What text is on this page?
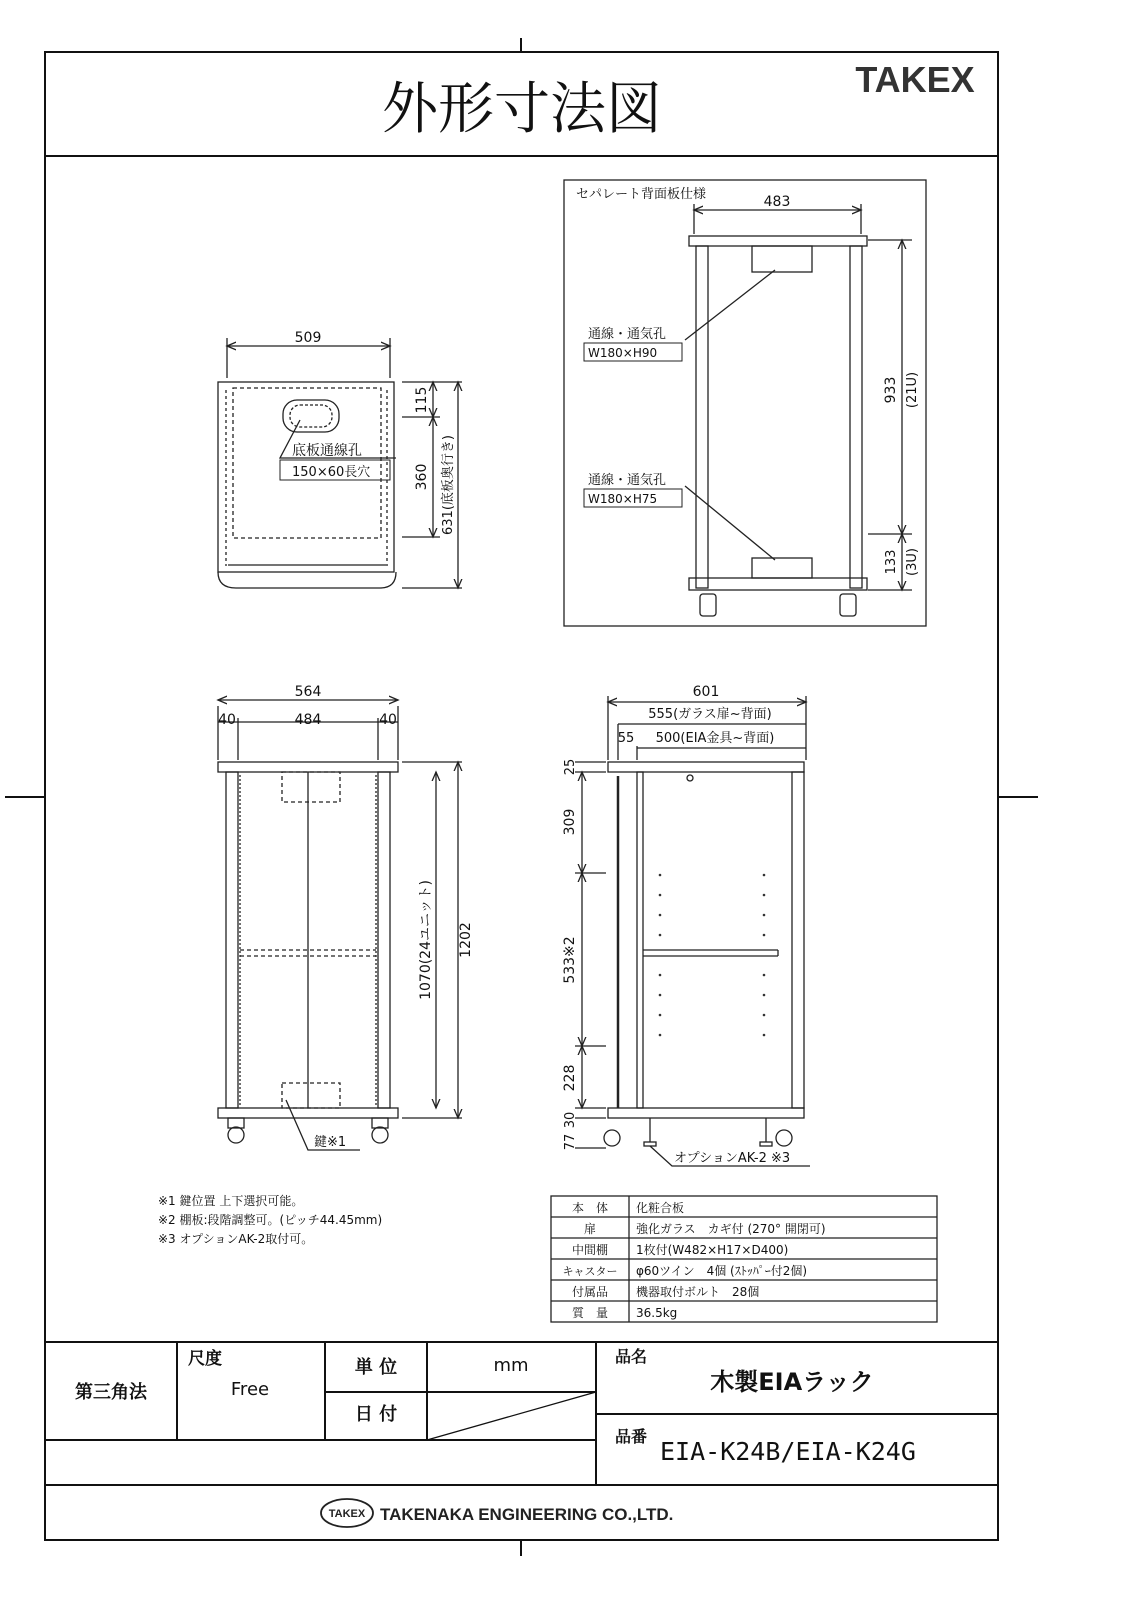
外形寸法図	TAKEX
509
底板通線孔
150×60長穴
115
360 631(底板奥行き)
セパレート背面板仕様	483
通線・通気孔
W180×H90
通線・通気孔
W180×H75
933 (21U)
133 (3U)
564
40	484	40
1070(24ユニット) 1202
鍵※1
601
555(ガラス扉~背面)
55 500(EIA金具~背面)
25
309
533※2
228
77
30
オプションAK-2 ※3
※1 鍵位置 上下選択可能。
※2 棚板:段階調整可。(ピッチ44.45mm)
※3 オプションAK-2取付可。
本　体 化粧合板
扉	強化ガラス　カギ付 (270° 開閉可)
中間棚 1枚付(W482×H17×D400)
キャスター φ60ツイン　4個 (ｽﾄｯﾊﾟｰ付2個)
付属品 機器取付ボルト　28個
質　量 36.5kg
第三角法
尺度
Free
単 位	mm
日 付
品名
木製EIAラック
品番
EIA-K24B/EIA-K24G
TAKEX TAKENAKA ENGINEERING CO.,LTD.
